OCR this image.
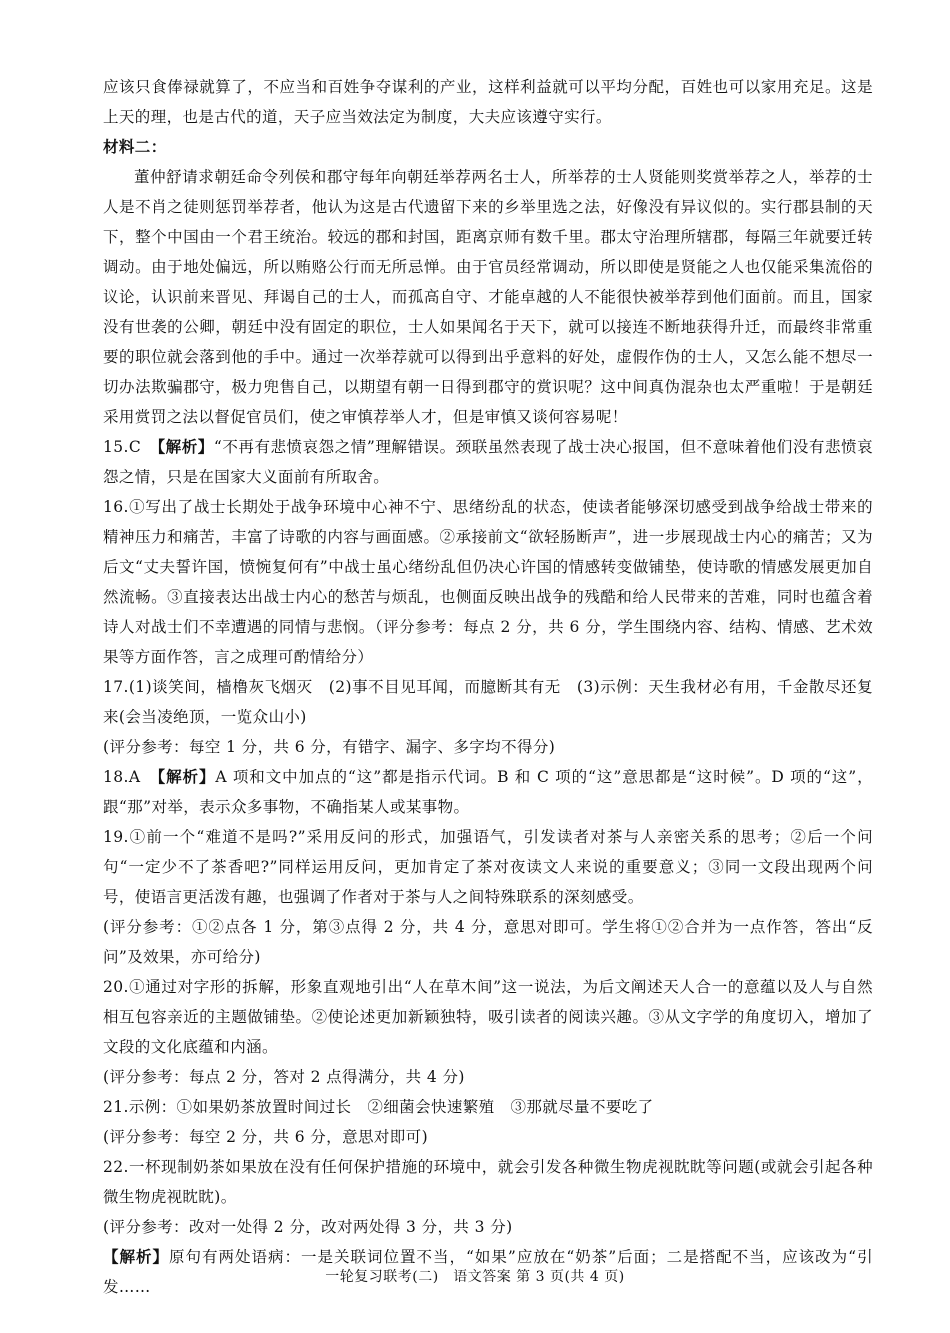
应该只食俸禄就算了，不应当和百姓争夺谋利的产业，这样利益就可以平均分配，百姓也可以家用充足。这是上天的理，也是古代的道，天子应当效法定为制度，大夫应该遵守实行。

材料二：

董仲舒请求朝廷命令列侯和郡守每年向朝廷举荐两名士人，所举荐的士人贤能则奖赏举荐之人，举荐的士人是不肖之徒则惩罚举荐者，他认为这是古代遗留下来的乡举里选之法，好像没有异议似的。实行郡县制的天下，整个中国由一个君王统治。较远的郡和封国，距离京师有数千里。郡太守治理所辖郡，每隔三年就要迁转调动。由于地处偏远，所以贿赂公行而无所忌惮。由于官员经常调动，所以即使是贤能之人也仅能采集流俗的议论，认识前来晋见、拜谒自己的士人，而孤高自守、才能卓越的人不能很快被举荐到他们面前。而且，国家没有世袭的公卿，朝廷中没有固定的职位，士人如果闻名于天下，就可以接连不断地获得升迁，而最终非常重要的职位就会落到他的手中。通过一次举荐就可以得到出乎意料的好处，虚假作伪的士人，又怎么能不想尽一切办法欺骗郡守，极力兜售自己，以期望有朝一日得到郡守的赏识呢？这中间真伪混杂也太严重啦！于是朝廷采用赏罚之法以督促官员们，使之审慎荐举人才，但是审慎又谈何容易呢！

15.C　 【解析】“不再有悲愤哀怨之情”理解错误。颈联虽然表现了战士决心报国，但不意味着他们没有悲愤哀怨之情，只是在国家大义面前有所取舍。

16.①写出了战士长期处于战争环境中心神不宁、思绪纷乱的状态，使读者能够深切感受到战争给战士带来的精神压力和痛苦，丰富了诗歌的内容与画面感。②承接前文“欲轻肠断声”，进一步展现战士内心的痛苦；又为后文“丈夫誓许国，愤惋复何有”中战士虽心绪纷乱但仍决心许国的情感转变做铺垫，使诗歌的情感发展更加自然流畅。③直接表达出战士内心的愁苦与烦乱，也侧面反映出战争的残酷和给人民带来的苦难，同时也蕴含着诗人对战士们不幸遭遇的同情与悲悯。（评分参考：每点 2 分，共 6 分，学生围绕内容、结构、情感、艺术效果等方面作答，言之成理可酌情给分）

17.(1)谈笑间，樯橹灰飞烟灭　(2)事不目见耳闻，而臆断其有无　(3)示例：天生我材必有用，千金散尽还复来(会当凌绝顶，一览众山小)

(评分参考：每空 1 分，共 6 分，有错字、漏字、多字均不得分)

18.A　 【解析】A 项和文中加点的“这”都是指示代词。B 和 C 项的“这”意思都是“这时候”。D 项的“这”，跟“那”对举，表示众多事物，不确指某人或某事物。

19.①前一个“难道不是吗?”采用反问的形式，加强语气，引发读者对茶与人亲密关系的思考；②后一个问句“一定少不了茶香吧?”同样运用反问，更加肯定了茶对夜读文人来说的重要意义；③同一文段出现两个问号，使语言更活泼有趣，也强调了作者对于茶与人之间特殊联系的深刻感受。

(评分参考：①②点各 1 分，第③点得 2 分，共 4 分，意思对即可。学生将①②合并为一点作答，答出“反问”及效果，亦可给分)

20.①通过对字形的拆解，形象直观地引出“人在草木间”这一说法，为后文阐述天人合一的意蕴以及人与自然相互包容亲近的主题做铺垫。②使论述更加新颖独特，吸引读者的阅读兴趣。③从文字学的角度切入，增加了文段的文化底蕴和内涵。

(评分参考：每点 2 分，答对 2 点得满分，共 4 分)

21.示例：①如果奶茶放置时间过长　②细菌会快速繁殖　③那就尽量不要吃了

(评分参考：每空 2 分，共 6 分，意思对即可)

22.一杯现制奶茶如果放在没有任何保护措施的环境中，就会引发各种微生物虎视眈眈等问题(或就会引起各种微生物虎视眈眈)。

(评分参考：改对一处得 2 分，改对两处得 3 分，共 3 分)

【解析】原句有两处语病：一是关联词位置不当，“如果”应放在“奶茶”后面；二是搭配不当，应该改为“引发……

一轮复习联考(二)　语文答案 第 3 页(共 4 页)
